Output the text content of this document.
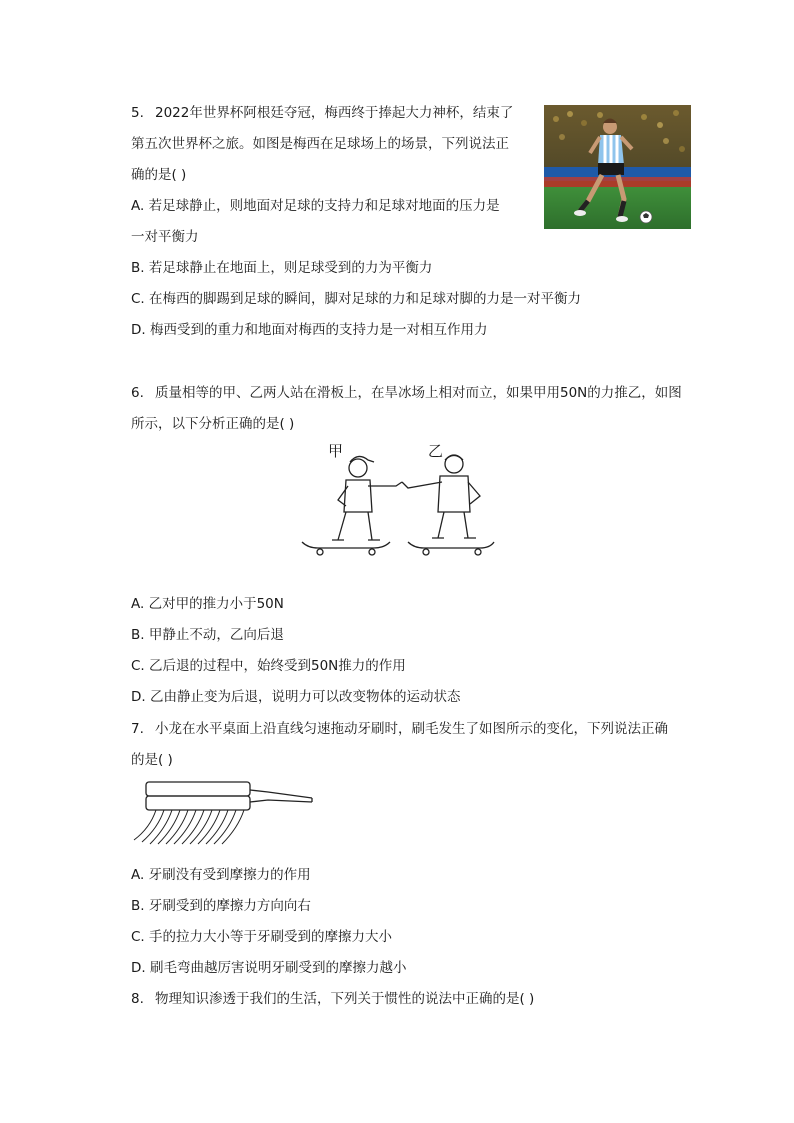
5. 2022年世界杯阿根廷夺冠，梅西终于捧起大力神杯，结束了
第五次世界杯之旅。如图是梅西在足球场上的场景，下列说法正
确的是( )
A. 若足球静止，则地面对足球的支持力和足球对地面的压力是
一对平衡力
B. 若足球静止在地面上，则足球受到的力为平衡力
C. 在梅西的脚踢到足球的瞬间，脚对足球的力和足球对脚的力是一对平衡力
D. 梅西受到的重力和地面对梅西的支持力是一对相互作用力
6. 质量相等的甲、乙两人站在滑板上，在旱冰场上相对而立，如果甲用50N的力推乙，如图
所示，以下分析正确的是( )
甲	乙
A. 乙对甲的推力小于50N
B. 甲静止不动，乙向后退
C. 乙后退的过程中，始终受到50N推力的作用
D. 乙由静止变为后退，说明力可以改变物体的运动状态
7. 小龙在水平桌面上沿直线匀速拖动牙刷时，刷毛发生了如图所示的变化，下列说法正确
的是( )
A. 牙刷没有受到摩擦力的作用
B. 牙刷受到的摩擦力方向向右
C. 手的拉力大小等于牙刷受到的摩擦力大小
D. 刷毛弯曲越厉害说明牙刷受到的摩擦力越小
8. 物理知识渗透于我们的生活，下列关于惯性的说法中正确的是( )
